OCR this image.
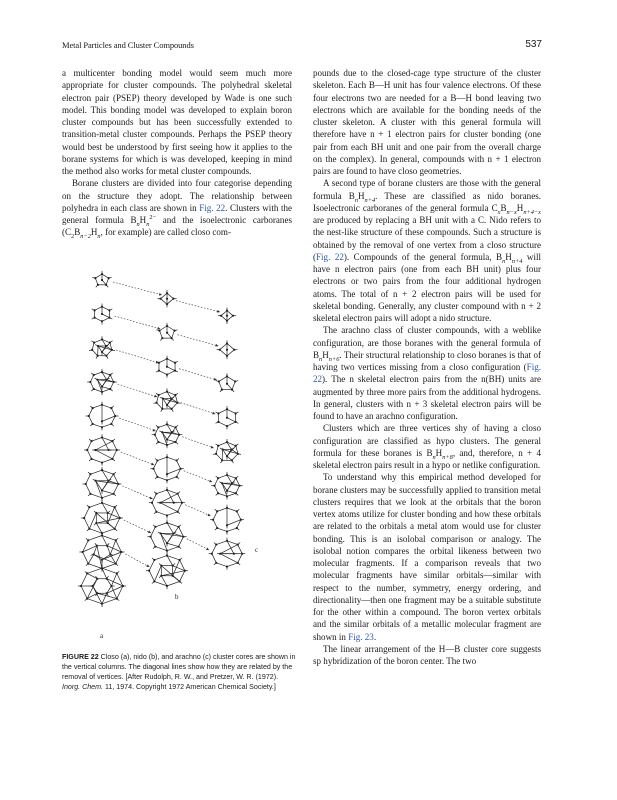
Metal Particles and Cluster Compounds	537

a multicenter bonding model would seem much more appropriate for cluster compounds. The polyhedral skeletal electron pair (PSEP) theory developed by Wade is one such model. This bonding model was developed to explain boron cluster compounds but has been successfully extended to transition-metal cluster compounds. Perhaps the PSEP theory would best be understood by first seeing how it applies to the borane systems for which is was developed, keeping in mind the method also works for metal cluster compounds.

Borane clusters are divided into four categorise depending on the structure they adopt. The relationship between polyhedra in each class are shown in Fig. 22. Clusters with the general formula $B_nH_n^{2-}$ and the isoelectronic carboranes ($C_2B_{n-2}H_n$, for example) are called closo com-

pounds due to the closed-cage type structure of the cluster skeleton. Each B—H unit has four valence electrons. Of these four electrons two are needed for a B—H bond leaving two electrons which are available for the bonding needs of the cluster skeleton. A cluster with this general formula will therefore have n + 1 electron pairs for cluster bonding (one pair from each BH unit and one pair from the overall charge on the complex). In general, compounds with n + 1 electron pairs are found to have closo geometries.

A second type of borane clusters are those with the general formula $B_nH_{n+4}$. These are classified as nido boranes. Isoelectronic carboranes of the general formula $C_xB_{n-x}H_{n+4-x}$ are produced by replacing a BH unit with a C. Nido refers to the nest-like structure of these compounds. Such a structure is obtained by the removal of one vertex from a closo structure (Fig. 22). Compounds of the general formula, $B_nH_{n+4}$ will have n electron pairs (one from each BH unit) plus four electrons or two pairs from the four additional hydrogen atoms. The total of n + 2 electron pairs will be used for skeletal bonding. Generally, any cluster compound with n + 2 skeletal electron pairs will adopt a nido structure.

The arachno class of cluster compounds, with a weblike configuration, are those boranes with the general formula of $B_nH_{n+6}$. Their structural relationship to closo boranes is that of having two vertices missing from a closo configuration (Fig. 22). The n skeletal electron pairs from the n(BH) units are augmented by three more pairs from the additional hydrogens. In general, clusters with n + 3 skeletal electron pairs will be found to have an arachno configuration.

Clusters which are three vertices shy of having a closo configuration are classified as hypo clusters. The general formula for these boranes is $B_nH_{n+8}$, and, therefore, n + 4 skeletal electron pairs result in a hypo or netlike configuration.

To understand why this empirical method developed for borane clusters may be successfully applied to transition metal clusters requires that we look at the orbitals that the boron vertex atoms utilize for cluster bonding and how these orbitals are related to the orbitals a metal atom would use for cluster bonding. This is an isolobal comparison or analogy. The isolobal notion compares the orbital likeness between two molecular fragments. If a comparison reveals that two molecular fragments have similar orbitals—similar with respect to the number, symmetry, energy ordering, and directionality—then one fragment may be a suitable substitute for the other within a compound. The boron vertex orbitals and the similar orbitals of a metallic molecular fragment are shown in Fig. 23.

The linear arrangement of the H—B cluster core suggests sp hybridization of the boron center. The two

a
b
c
FIGURE 22 Closo (a), nido (b), and arachno (c) cluster cores are shown in the vertical columns. The diagonal lines show how they are related by the removal of vertices. [After Rudolph, R. W., and Pretzer, W. R. (1972). Inorg. Chem. 11, 1974. Copyright 1972 American Chemical Society.]
